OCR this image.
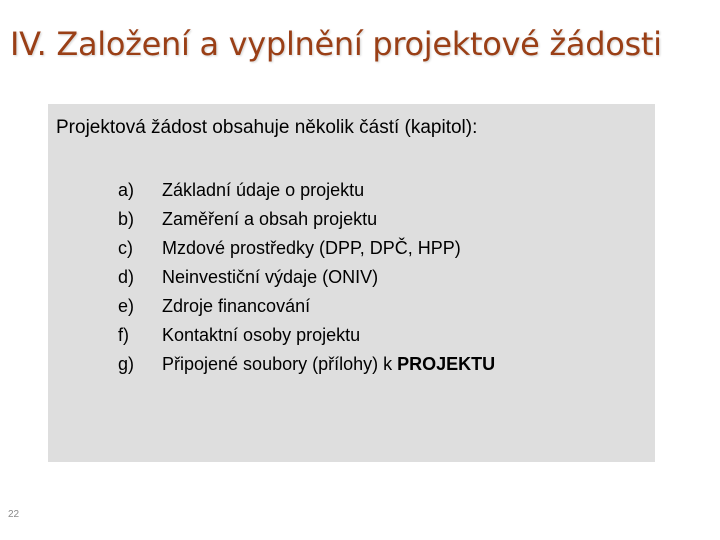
IV. Založení a vyplnění projektové žádosti

Projektová žádost obsahuje několik částí (kapitol):

a) Základní údaje o projektu
b) Zaměření a obsah projektu
c) Mzdové prostředky (DPP, DPČ, HPP)
d) Neinvestiční výdaje (ONIV)
e) Zdroje financování
f) Kontaktní osoby projektu
g) Připojené soubory (přílohy) k PROJEKTU
22
